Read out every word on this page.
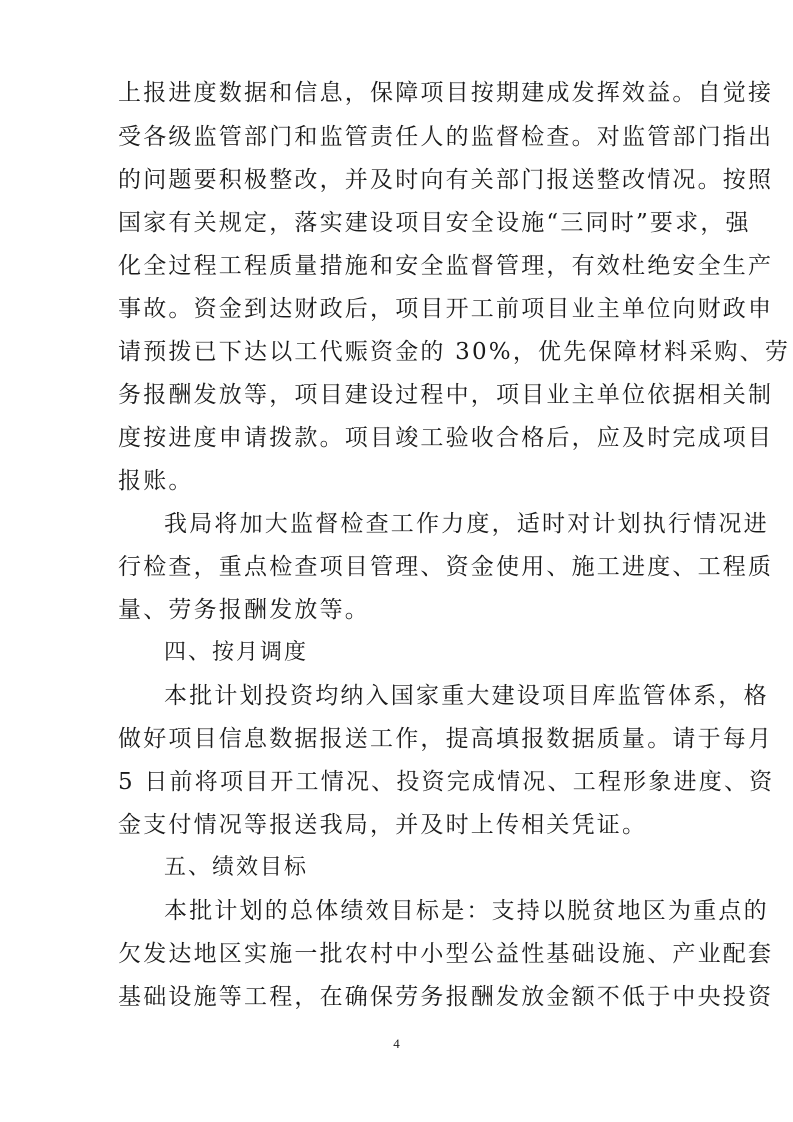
上报进度数据和信息，保障项目按期建成发挥效益。自觉接
受各级监管部门和监管责任人的监督检查。对监管部门指出
的问题要积极整改，并及时向有关部门报送整改情况。按照
国家有关规定，落实建设项目安全设施“三同时”要求，强
化全过程工程质量措施和安全监督管理，有效杜绝安全生产
事故。资金到达财政后，项目开工前项目业主单位向财政申
请预拨已下达以工代赈资金的 30%，优先保障材料采购、劳
务报酬发放等，项目建设过程中，项目业主单位依据相关制
度按进度申请拨款。项目竣工验收合格后，应及时完成项目
报账。
我局将加大监督检查工作力度，适时对计划执行情况进
行检查，重点检查项目管理、资金使用、施工进度、工程质
量、劳务报酬发放等。
四、按月调度
本批计划投资均纳入国家重大建设项目库监管体系，格
做好项目信息数据报送工作，提高填报数据质量。请于每月
5 日前将项目开工情况、投资完成情况、工程形象进度、资
金支付情况等报送我局，并及时上传相关凭证。
五、绩效目标
本批计划的总体绩效目标是：支持以脱贫地区为重点的
欠发达地区实施一批农村中小型公益性基础设施、产业配套
基础设施等工程，在确保劳务报酬发放金额不低于中央投资
4
